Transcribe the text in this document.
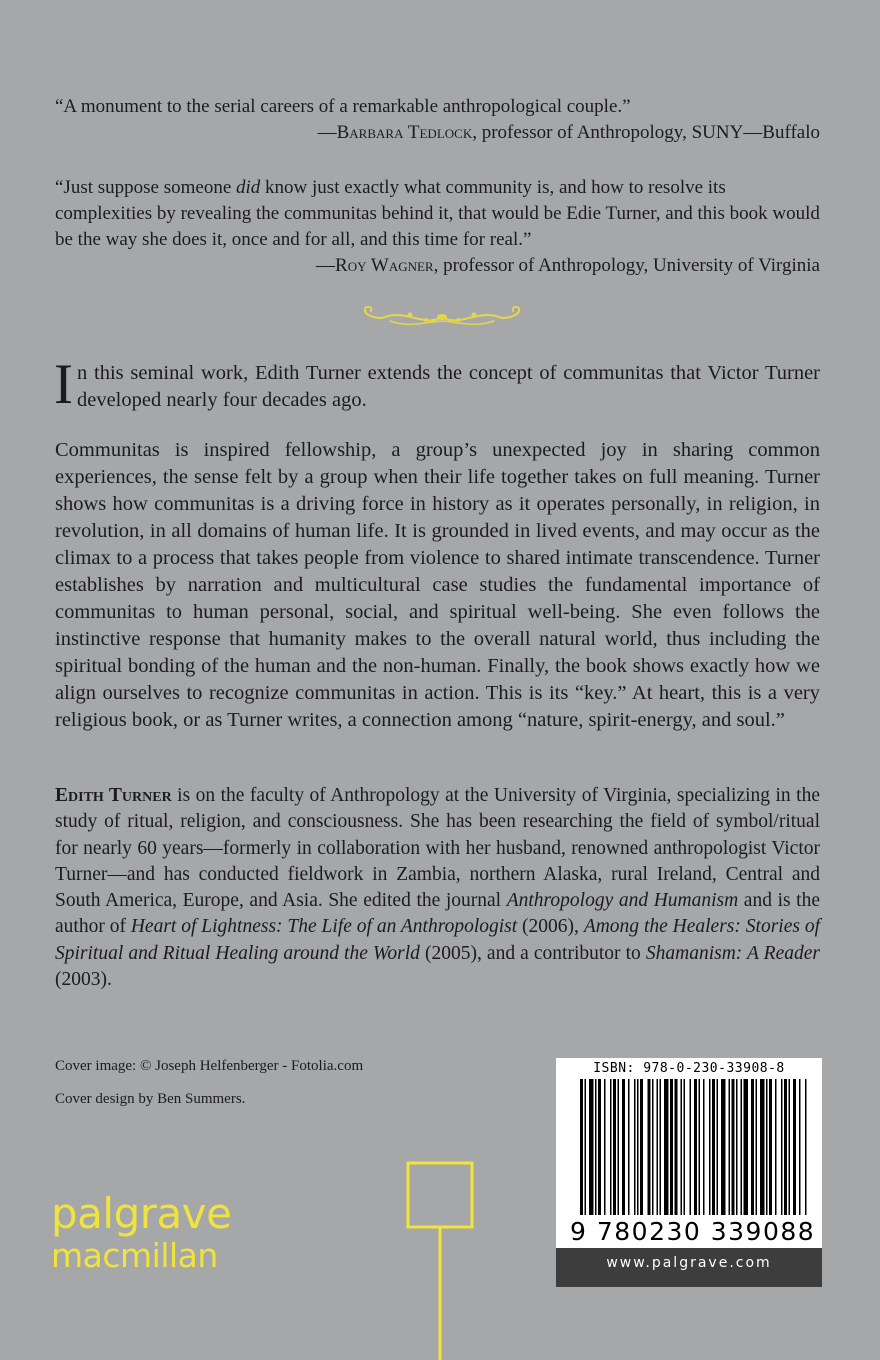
“A monument to the serial careers of a remarkable anthropological couple.”

—Barbara Tedlock, professor of Anthropology, SUNY—Buffalo

“Just suppose someone did know just exactly what community is, and how to resolve its complexities by revealing the communitas behind it, that would be Edie Turner, and this book would be the way she does it, once and for all, and this time for real.”

—Roy Wagner, professor of Anthropology, University of Virginia

In this seminal work, Edith Turner extends the concept of communitas that Victor Turner developed nearly four decades ago.

Communitas is inspired fellowship, a group’s unexpected joy in sharing common experiences, the sense felt by a group when their life together takes on full meaning. Turner shows how communitas is a driving force in history as it operates personally, in religion, in revolution, in all domains of human life. It is grounded in lived events, and may occur as the climax to a process that takes people from violence to shared intimate transcendence. Turner establishes by narration and multicultural case studies the fundamental importance of communitas to human personal, social, and spiritual well-being. She even follows the instinctive response that humanity makes to the overall natural world, thus including the spiritual bonding of the human and the non-human. Finally, the book shows exactly how we align ourselves to recognize communitas in action. This is its “key.” At heart, this is a very religious book, or as Turner writes, a connection among “nature, spirit-energy, and soul.”

Edith Turner is on the faculty of Anthropology at the University of Virginia, specializing in the study of ritual, religion, and consciousness. She has been researching the field of symbol/ritual for nearly 60 years—formerly in collaboration with her husband, renowned anthropologist Victor Turner—and has conducted fieldwork in Zambia, northern Alaska, rural Ireland, Central and South America, Europe, and Asia. She edited the journal Anthropology and Humanism and is the author of Heart of Lightness: The Life of an Anthropologist (2006), Among the Healers: Stories of Spiritual and Ritual Healing around the World (2005), and a contributor to Shamanism: A Reader (2003).

Cover image: © Joseph Helfenberger - Fotolia.com

Cover design by Ben Summers.

ISBN: 978-0-230-33908-8
9 780230 339088
www.palgrave.com
palgrave
macmillan
